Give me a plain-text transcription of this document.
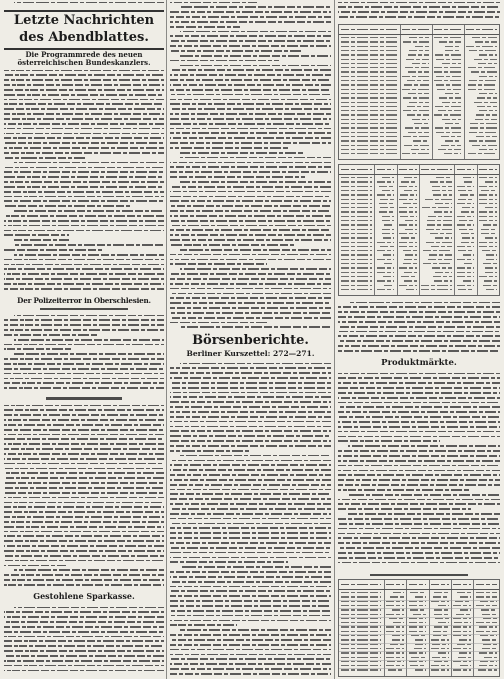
Letzte Nachrichten
des Abendblattes.
Die Programmrede des neuen österreichischen Bundeskanzlers.
Der Polizeiterror in Oberschlesien.
Gestohlene Sparkasse.
Börsenberichte.
Berliner Kurszettel: 272—271.
Produktmärkte.
